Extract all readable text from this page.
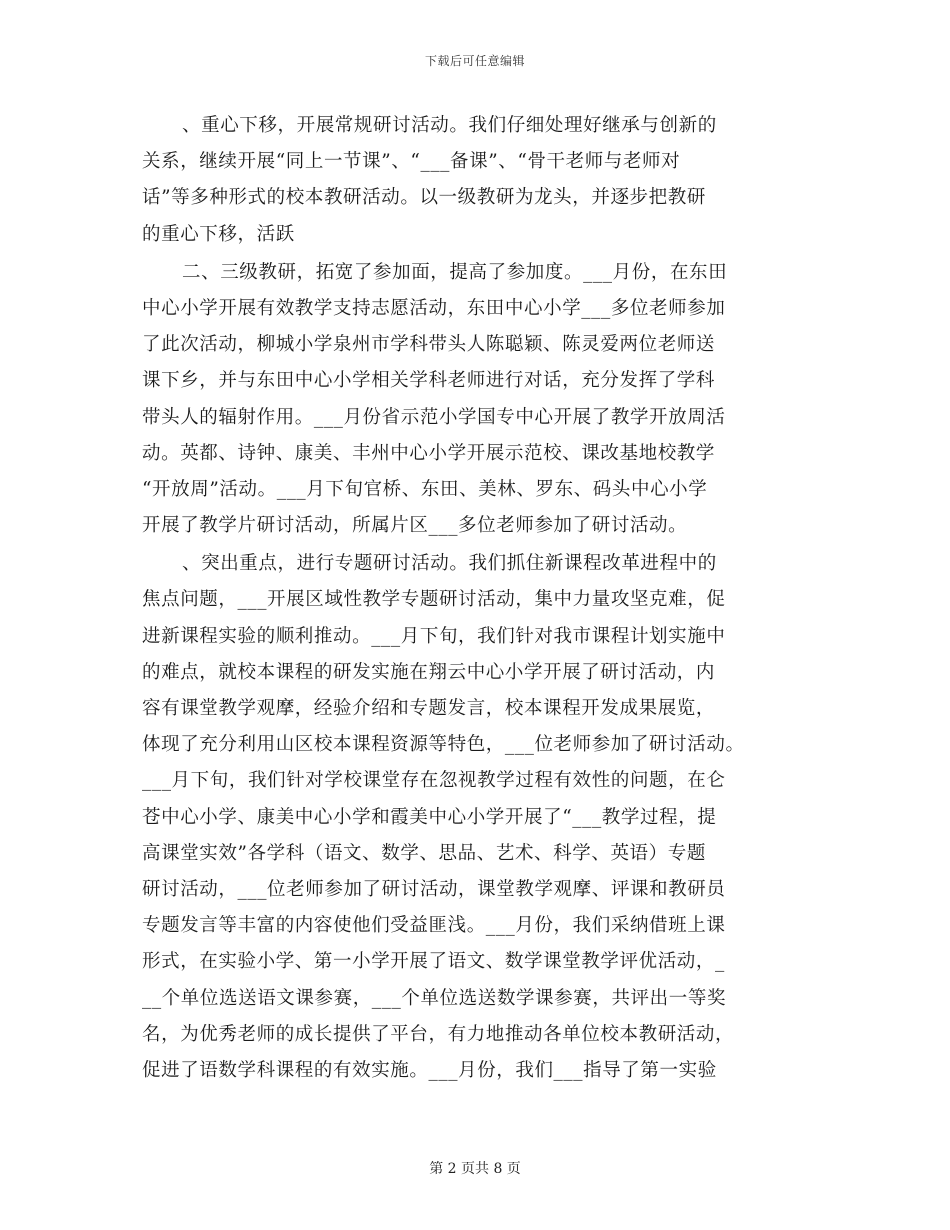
下载后可任意编辑
、重心下移，开展常规研讨活动。我们仔细处理好继承与创新的
关系，继续开展“同上一节课”、“___备课”、“骨干老师与老师对
话”等多种形式的校本教研活动。以一级教研为龙头，并逐步把教研
的重心下移，活跃
二、三级教研，拓宽了参加面，提高了参加度。___月份，在东田
中心小学开展有效教学支持志愿活动，东田中心小学___多位老师参加
了此次活动，柳城小学泉州市学科带头人陈聪颖、陈灵爱两位老师送
课下乡，并与东田中心小学相关学科老师进行对话，充分发挥了学科
带头人的辐射作用。___月份省示范小学国专中心开展了教学开放周活
动。英都、诗钟、康美、丰州中心小学开展示范校、课改基地校教学
“开放周”活动。___月下旬官桥、东田、美林、罗东、码头中心小学
开展了教学片研讨活动，所属片区___多位老师参加了研讨活动。
、突出重点，进行专题研讨活动。我们抓住新课程改革进程中的
焦点问题，___开展区域性教学专题研讨活动，集中力量攻坚克难，促
进新课程实验的顺利推动。___月下旬，我们针对我市课程计划实施中
的难点，就校本课程的研发实施在翔云中心小学开展了研讨活动，内
容有课堂教学观摩，经验介绍和专题发言，校本课程开发成果展览，
体现了充分利用山区校本课程资源等特色，___位老师参加了研讨活动。
___月下旬，我们针对学校课堂存在忽视教学过程有效性的问题，在仑
苍中心小学、康美中心小学和霞美中心小学开展了“___教学过程，提
高课堂实效”各学科（语文、数学、思品、艺术、科学、英语）专题
研讨活动，___位老师参加了研讨活动，课堂教学观摩、评课和教研员
专题发言等丰富的内容使他们受益匪浅。___月份，我们采纳借班上课
形式，在实验小学、第一小学开展了语文、数学课堂教学评优活动，_
__个单位选送语文课参赛，___个单位选送数学课参赛，共评出一等奖
名，为优秀老师的成长提供了平台，有力地推动各单位校本教研活动，
促进了语数学科课程的有效实施。___月份，我们___指导了第一实验
第 2 页共 8 页
